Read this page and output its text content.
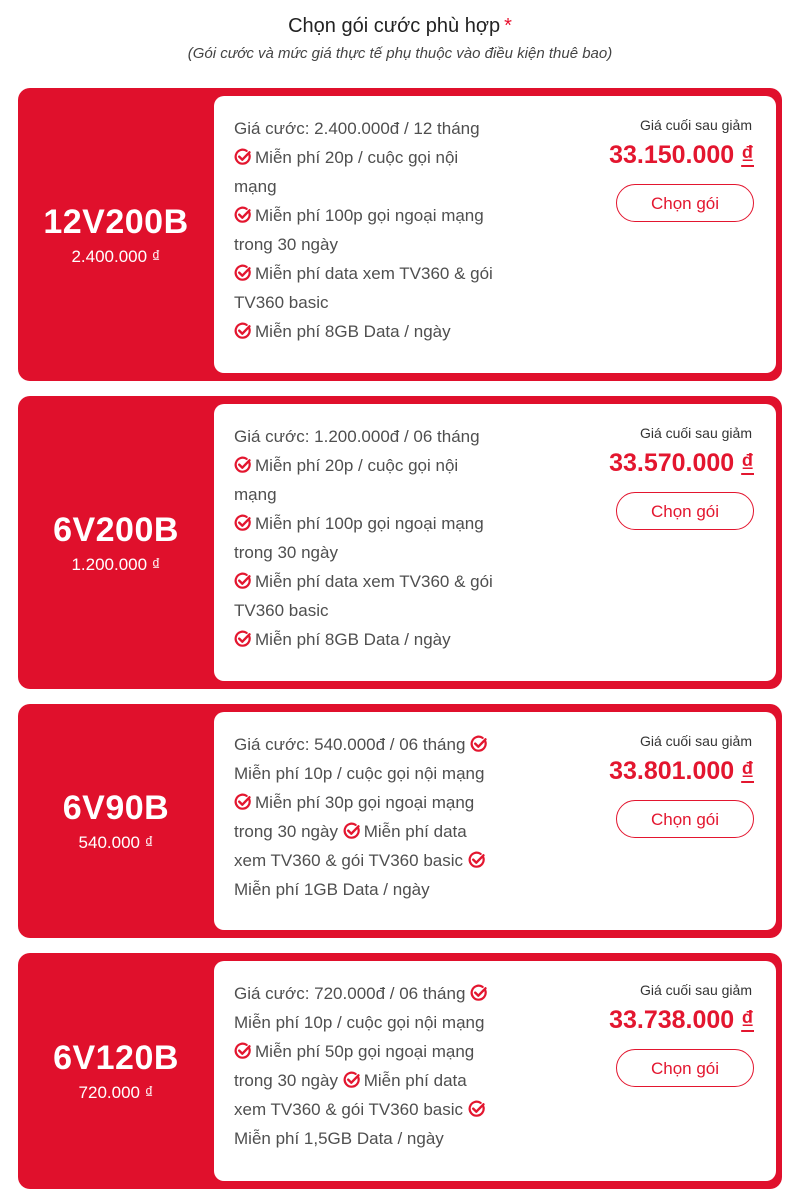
Chọn gói cước phù hợp *
(Gói cước và mức giá thực tế phụ thuộc vào điều kiện thuê bao)
12V200B
2.400.000 ₫
Giá cước: 2.400.000đ / 12 tháng
Miễn phí 20p / cuộc gọi nội
mạng
Miễn phí 100p gọi ngoại mạng
trong 30 ngày
Miễn phí data xem TV360 & gói
TV360 basic
Miễn phí 8GB Data / ngày
Giá cuối sau giảm
33.150.000 ₫
Chọn gói
6V200B
1.200.000 ₫
Giá cước: 1.200.000đ / 06 tháng
Miễn phí 20p / cuộc gọi nội
mạng
Miễn phí 100p gọi ngoại mạng
trong 30 ngày
Miễn phí data xem TV360 & gói
TV360 basic
Miễn phí 8GB Data / ngày
Giá cuối sau giảm
33.570.000 ₫
Chọn gói
6V90B
540.000 ₫
Giá cước: 540.000đ / 06 tháng
Miễn phí 10p / cuộc gọi nội mạng
Miễn phí 30p gọi ngoại mạng
trong 30 ngày Miễn phí data
xem TV360 & gói TV360 basic
Miễn phí 1GB Data / ngày
Giá cuối sau giảm
33.801.000 ₫
Chọn gói
6V120B
720.000 ₫
Giá cước: 720.000đ / 06 tháng
Miễn phí 10p / cuộc gọi nội mạng
Miễn phí 50p gọi ngoại mạng
trong 30 ngày Miễn phí data
xem TV360 & gói TV360 basic
Miễn phí 1,5GB Data / ngày
Giá cuối sau giảm
33.738.000 ₫
Chọn gói
